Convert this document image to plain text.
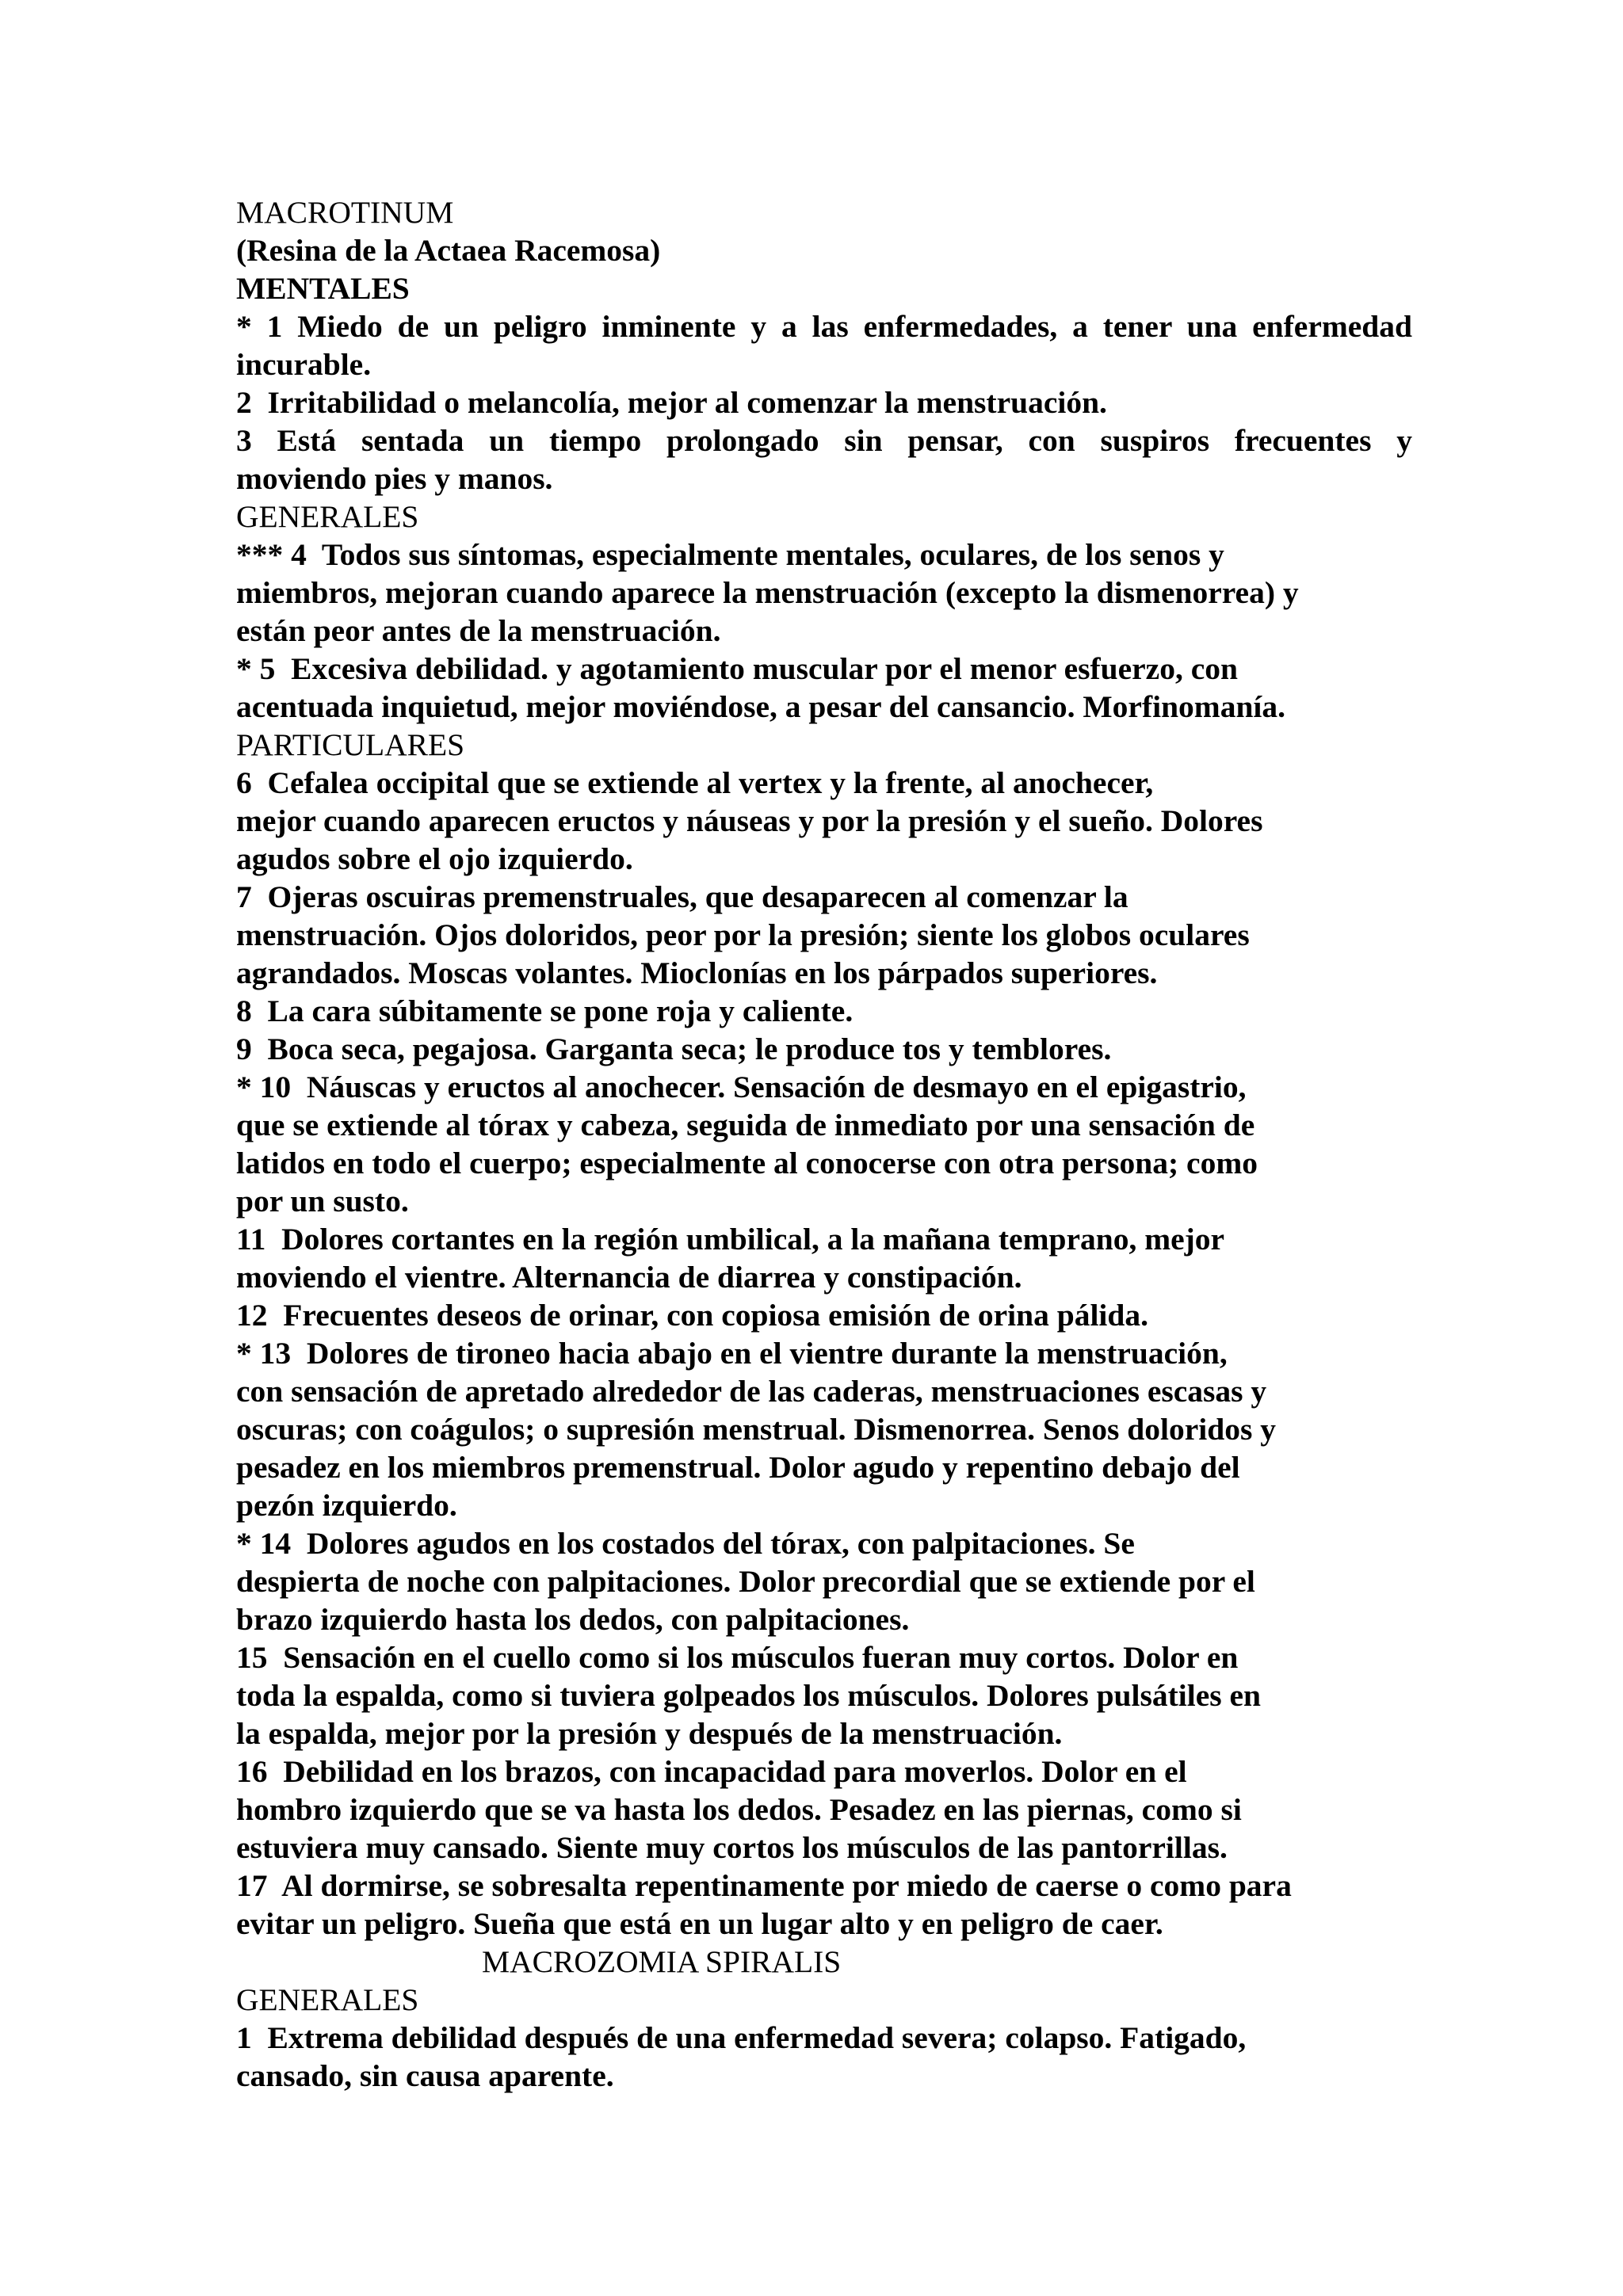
MACROTINUM
(Resina de la Actaea Racemosa)
MENTALES
* 1 Miedo de un peligro inminente y a las enfermedades, a tener una enfermedad
incurable.
2  Irritabilidad o melancolía, mejor al comenzar la menstruación.
3 Está sentada un tiempo prolongado sin pensar, con suspiros frecuentes y
moviendo pies y manos.
GENERALES
*** 4  Todos sus síntomas, especialmente mentales, oculares, de los senos y
miembros, mejoran cuando aparece la menstruación (excepto la dismenorrea) y
están peor antes de la menstruación.
* 5  Excesiva debilidad. y agotamiento muscular por el menor esfuerzo, con
acentuada inquietud, mejor moviéndose, a pesar del cansancio. Morfinomanía.
PARTICULARES
6  Cefalea occipital que se extiende al vertex y la frente, al anochecer,
mejor cuando aparecen eructos y náuseas y por la presión y el sueño. Dolores
agudos sobre el ojo izquierdo.
7  Ojeras oscuiras premenstruales, que desaparecen al comenzar la
menstruación. Ojos doloridos, peor por la presión; siente los globos oculares
agrandados. Moscas volantes. Mioclonías en los párpados superiores.
8  La cara súbitamente se pone roja y caliente.
9  Boca seca, pegajosa. Garganta seca; le produce tos y temblores.
* 10  Náuscas y eructos al anochecer. Sensación de desmayo en el epigastrio,
que se extiende al tórax y cabeza, seguida de inmediato por una sensación de
latidos en todo el cuerpo; especialmente al conocerse con otra persona; como
por un susto.
11  Dolores cortantes en la región umbilical, a la mañana temprano, mejor
moviendo el vientre. Alternancia de diarrea y constipación.
12  Frecuentes deseos de orinar, con copiosa emisión de orina pálida.
* 13  Dolores de tironeo hacia abajo en el vientre durante la menstruación,
con sensación de apretado alrededor de las caderas, menstruaciones escasas y
oscuras; con coágulos; o supresión menstrual. Dismenorrea. Senos doloridos y
pesadez en los miembros premenstrual. Dolor agudo y repentino debajo del
pezón izquierdo.
* 14  Dolores agudos en los costados del tórax, con palpitaciones. Se
despierta de noche con palpitaciones. Dolor precordial que se extiende por el
brazo izquierdo hasta los dedos, con palpitaciones.
15  Sensación en el cuello como si los músculos fueran muy cortos. Dolor en
toda la espalda, como si tuviera golpeados los músculos. Dolores pulsátiles en
la espalda, mejor por la presión y después de la menstruación.
16  Debilidad en los brazos, con incapacidad para moverlos. Dolor en el
hombro izquierdo que se va hasta los dedos. Pesadez en las piernas, como si
estuviera muy cansado. Siente muy cortos los músculos de las pantorrillas.
17  Al dormirse, se sobresalta repentinamente por miedo de caerse o como para
evitar un peligro. Sueña que está en un lugar alto y en peligro de caer.
MACROZOMIA SPIRALIS
GENERALES
1  Extrema debilidad después de una enfermedad severa; colapso. Fatigado,
cansado, sin causa aparente.
